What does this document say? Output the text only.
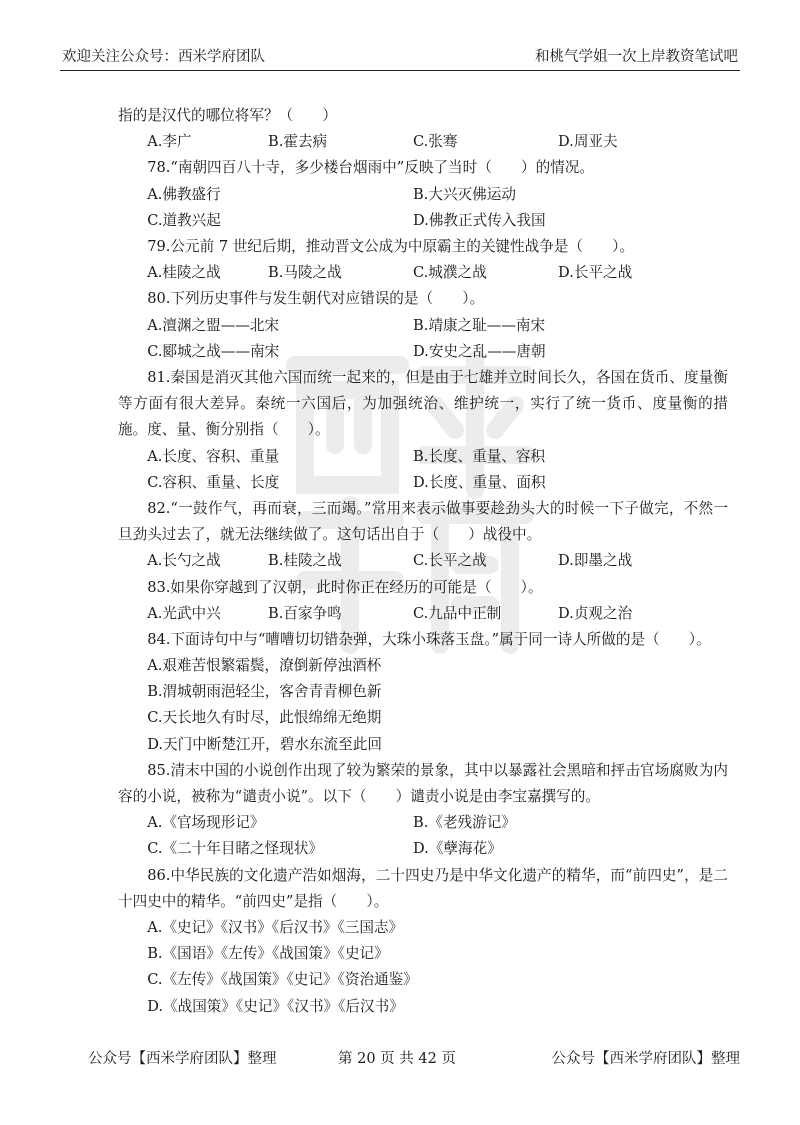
欢迎关注公众号：西米学府团队	和桃气学姐一次上岸教资笔试吧
指的是汉代的哪位将军？（　　）
A.李广	B.霍去病	C.张骞	D.周亚夫

78.“南朝四百八十寺，多少楼台烟雨中”反映了当时（　　）的情况。

A.佛教盛行	B.大兴灭佛运动
C.道教兴起	D.佛教正式传入我国

79.公元前 7 世纪后期，推动晋文公成为中原霸主的关键性战争是（　　）。

A.桂陵之战	B.马陵之战	C.城濮之战	D.长平之战

80.下列历史事件与发生朝代对应错误的是（　　）。

A.澶渊之盟——北宋	B.靖康之耻——南宋
C.郾城之战——南宋	D.安史之乱——唐朝

81.秦国是消灭其他六国而统一起来的，但是由于七雄并立时间长久，各国在货币、度量衡等方面有很大差异。秦统一六国后，为加强统治、维护统一，实行了统一货币、度量衡的措施。度、量、衡分别指（　　）。

A.长度、容积、重量	B.长度、重量、容积
C.容积、重量、长度	D.长度、重量、面积

82.“一鼓作气，再而衰，三而竭。”常用来表示做事要趁劲头大的时候一下子做完，不然一旦劲头过去了，就无法继续做了。这句话出自于（　　）战役中。

A.长勺之战	B.桂陵之战	C.长平之战	D.即墨之战

83.如果你穿越到了汉朝，此时你正在经历的可能是（　　）。

A.光武中兴	B.百家争鸣	C.九品中正制	D.贞观之治

84.下面诗句中与“嘈嘈切切错杂弹，大珠小珠落玉盘。”属于同一诗人所做的是（　　）。

A.艰难苦恨繁霜鬓，潦倒新停浊酒杯
B.渭城朝雨浥轻尘，客舍青青柳色新
C.天长地久有时尽，此恨绵绵无绝期
D.天门中断楚江开，碧水东流至此回

85.清末中国的小说创作出现了较为繁荣的景象，其中以暴露社会黑暗和抨击官场腐败为内容的小说，被称为“谴责小说”。以下（　　）谴责小说是由李宝嘉撰写的。

A.《官场现形记》	B.《老残游记》
C.《二十年目睹之怪现状》	D.《孽海花》

86.中华民族的文化遗产浩如烟海，二十四史乃是中华文化遗产的精华，而“前四史”，是二十四史中的精华。“前四史”是指（　　）。

A.《史记》《汉书》《后汉书》《三国志》
B.《国语》《左传》《战国策》《史记》
C.《左传》《战国策》《史记》《资治通鉴》
D.《战国策》《史记》《汉书》《后汉书》
公众号【西米学府团队】整理	第 20 页 共 42 页	公众号【西米学府团队】整理
